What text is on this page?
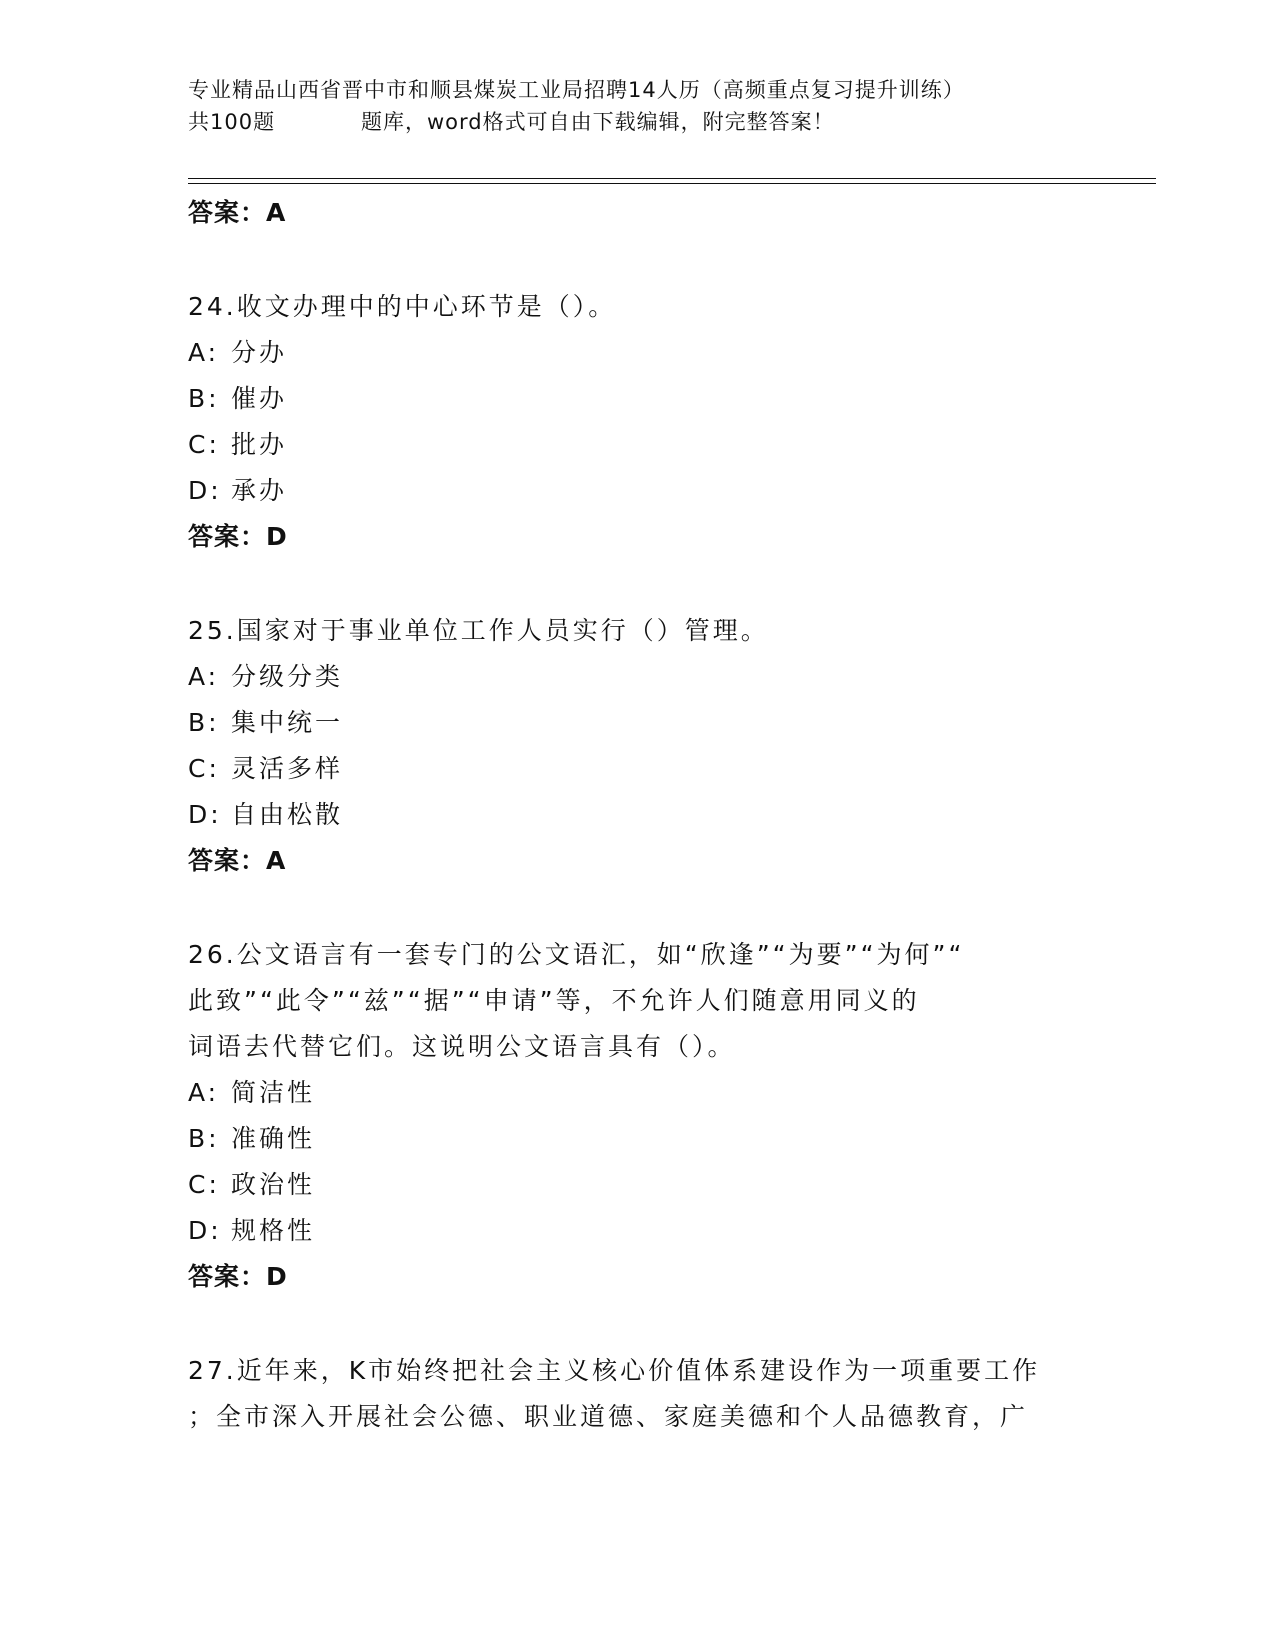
专业精品山西省晋中市和顺县煤炭工业局招聘14人历（高频重点复习提升训练）
共100题	题库，word格式可自由下载编辑，附完整答案！
答案：A
24.收文办理中的中心环节是（）。
A: 分办
B: 催办
C: 批办
D: 承办
答案：D
25.国家对于事业单位工作人员实行（）管理。
A: 分级分类
B: 集中统一
C: 灵活多样
D: 自由松散
答案：A
26.公文语言有一套专门的公文语汇，如“欣逢”“为要”“为何”“
此致”“此令”“兹”“据”“申请”等，不允许人们随意用同义的
词语去代替它们。这说明公文语言具有（）。
A: 简洁性
B: 准确性
C: 政治性
D: 规格性
答案：D
27.近年来，K市始终把社会主义核心价值体系建设作为一项重要工作
；全市深入开展社会公德、职业道德、家庭美德和个人品德教育，广
